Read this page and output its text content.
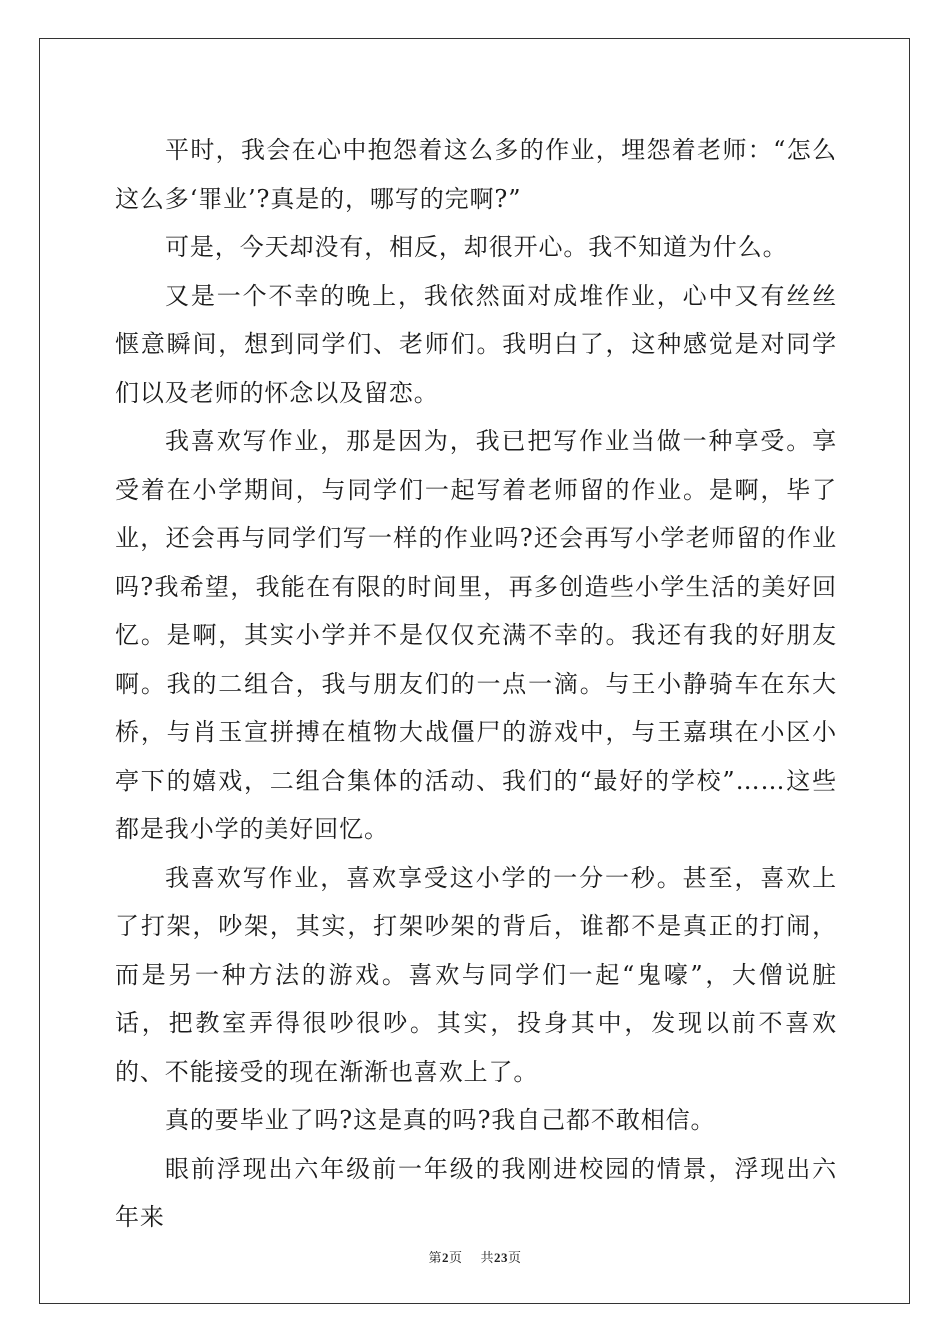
平时，我会在心中抱怨着这么多的作业，埋怨着老师：“怎么这么多‘罪业’?真是的，哪写的完啊?”

可是，今天却没有，相反，却很开心。我不知道为什么。

又是一个不幸的晚上，我依然面对成堆作业，心中又有丝丝惬意瞬间，想到同学们、老师们。我明白了，这种感觉是对同学们以及老师的怀念以及留恋。

我喜欢写作业，那是因为，我已把写作业当做一种享受。享受着在小学期间，与同学们一起写着老师留的作业。是啊，毕了业，还会再与同学们写一样的作业吗?还会再写小学老师留的作业吗?我希望，我能在有限的时间里，再多创造些小学生活的美好回忆。是啊，其实小学并不是仅仅充满不幸的。我还有我的好朋友啊。我的二组合，我与朋友们的一点一滴。与王小静骑车在东大桥，与肖玉宣拼搏在植物大战僵尸的游戏中，与王嘉琪在小区小亭下的嬉戏，二组合集体的活动、我们的“最好的学校”……这些都是我小学的美好回忆。

我喜欢写作业，喜欢享受这小学的一分一秒。甚至，喜欢上了打架，吵架，其实，打架吵架的背后，谁都不是真正的打闹，而是另一种方法的游戏。喜欢与同学们一起“鬼嚎”，大僧说脏话，把教室弄得很吵很吵。其实，投身其中，发现以前不喜欢的、不能接受的现在渐渐也喜欢上了。

真的要毕业了吗?这是真的吗?我自己都不敢相信。

眼前浮现出六年级前一年级的我刚进校园的情景，浮现出六年来

第2页 共23页
